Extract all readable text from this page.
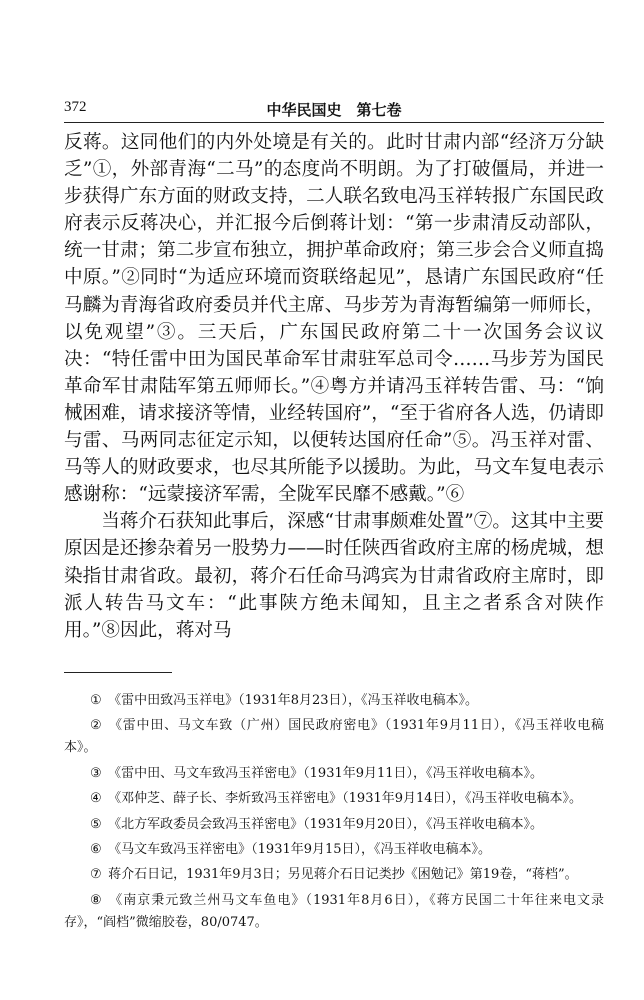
372	中华民国史　第七卷

反蒋。这同他们的内外处境是有关的。此时甘肃内部“经济万分缺乏”①，外部青海“二马”的态度尚不明朗。为了打破僵局，并进一步获得广东方面的财政支持，二人联名致电冯玉祥转报广东国民政府表示反蒋决心，并汇报今后倒蒋计划：“第一步肃清反动部队，统一甘肃；第二步宣布独立，拥护革命政府；第三步会合义师直捣中原。”②同时“为适应环境而资联络起见”，恳请广东国民政府“任马麟为青海省政府委员并代主席、马步芳为青海暂编第一师师长，以免观望”③。三天后，广东国民政府第二十一次国务会议议决：“特任雷中田为国民革命军甘肃驻军总司令……马步芳为国民革命军甘肃陆军第五师师长。”④粤方并请冯玉祥转告雷、马：“饷械困难，请求接济等情，业经转国府”，“至于省府各人选，仍请即与雷、马两同志征定示知，以便转达国府任命”⑤。冯玉祥对雷、马等人的财政要求，也尽其所能予以援助。为此，马文车复电表示感谢称：“远蒙接济军需，全陇军民靡不感戴。”⑥

当蒋介石获知此事后，深感“甘肃事颇难处置”⑦。这其中主要原因是还掺杂着另一股势力——时任陕西省政府主席的杨虎城，想染指甘肃省政。最初，蒋介石任命马鸿宾为甘肃省政府主席时，即派人转告马文车：“此事陕方绝未闻知，且主之者系含对陕作用。”⑧因此，蒋对马

① 《雷中田致冯玉祥电》（1931年8月23日），《冯玉祥收电稿本》。

② 《雷中田、马文车致（广州）国民政府密电》（1931年9月11日），《冯玉祥收电稿本》。

③ 《雷中田、马文车致冯玉祥密电》（1931年9月11日），《冯玉祥收电稿本》。

④ 《邓仲芝、薛子长、李炘致冯玉祥密电》（1931年9月14日），《冯玉祥收电稿本》。

⑤ 《北方军政委员会致冯玉祥密电》（1931年9月20日），《冯玉祥收电稿本》。

⑥ 《马文车致冯玉祥密电》（1931年9月15日），《冯玉祥收电稿本》。

⑦ 蒋介石日记，1931年9月3日；另见蒋介石日记类抄《困勉记》第19卷，“蒋档”。

⑧ 《南京秉元致兰州马文车鱼电》（1931年8月6日），《蒋方民国二十年往来电文录存》，“阎档”微缩胶卷，80/0747。
